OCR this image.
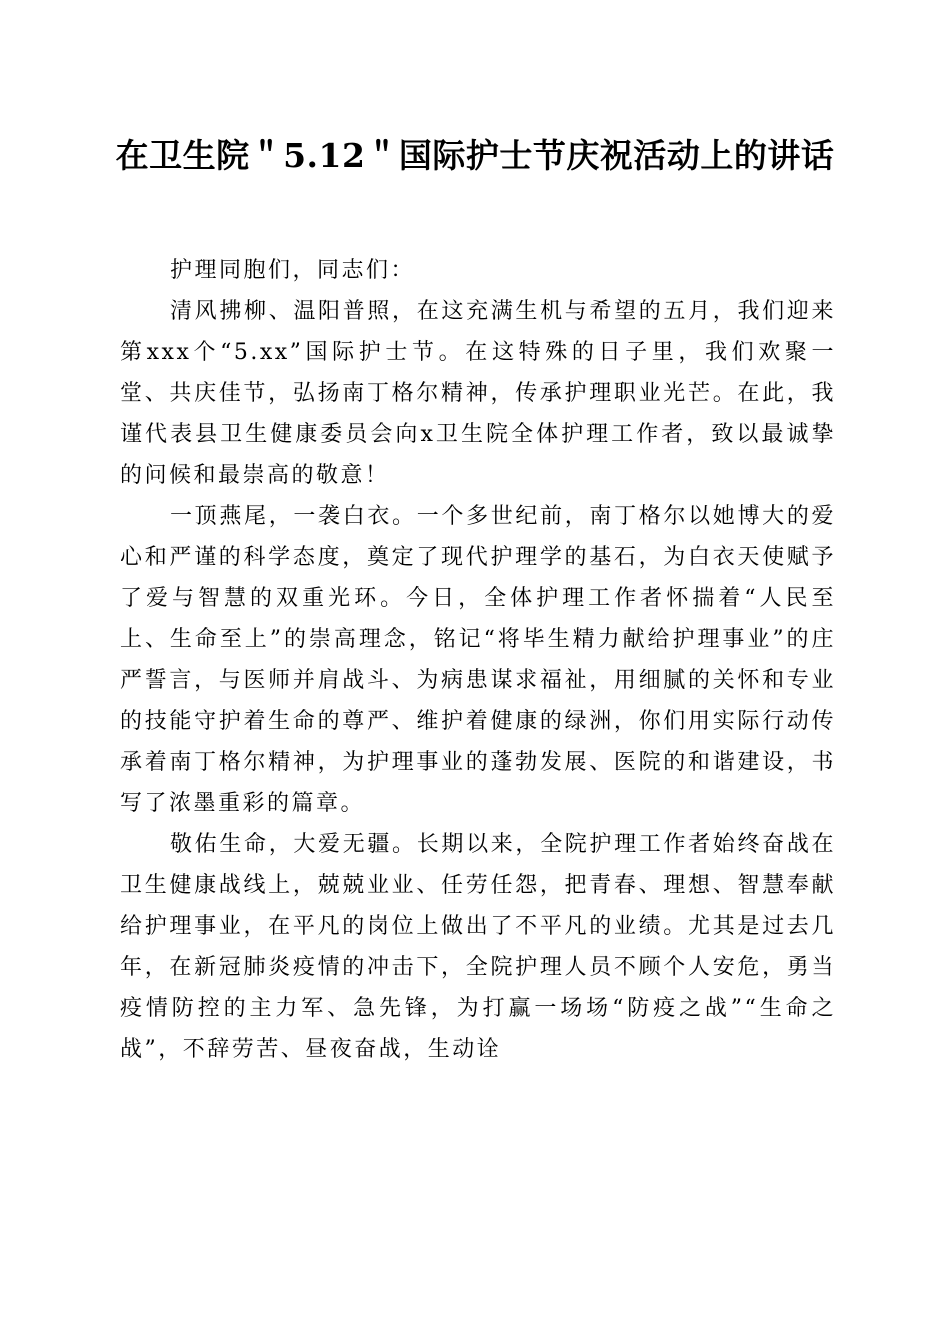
在卫生院＂5.12＂国际护士节庆祝活动上的讲话

护理同胞们，同志们：

清风拂柳、温阳普照，在这充满生机与希望的五月，我们迎来第xxx个“5.xx”国际护士节。在这特殊的日子里，我们欢聚一堂、共庆佳节，弘扬南丁格尔精神，传承护理职业光芒。在此，我谨代表县卫生健康委员会向x卫生院全体护理工作者，致以最诚挚的问候和最崇高的敬意！

一顶燕尾，一袭白衣。一个多世纪前，南丁格尔以她博大的爱心和严谨的科学态度，奠定了现代护理学的基石，为白衣天使赋予了爱与智慧的双重光环。今日，全体护理工作者怀揣着“人民至上、生命至上”的崇高理念，铭记“将毕生精力献给护理事业”的庄严誓言，与医师并肩战斗、为病患谋求福祉，用细腻的关怀和专业的技能守护着生命的尊严、维护着健康的绿洲，你们用实际行动传承着南丁格尔精神，为护理事业的蓬勃发展、医院的和谐建设，书写了浓墨重彩的篇章。

敬佑生命，大爱无疆。长期以来，全院护理工作者始终奋战在卫生健康战线上，兢兢业业、任劳任怨，把青春、理想、智慧奉献给护理事业，在平凡的岗位上做出了不平凡的业绩。尤其是过去几年，在新冠肺炎疫情的冲击下，全院护理人员不顾个人安危，勇当疫情防控的主力军、急先锋，为打赢一场场“防疫之战”“生命之战”，不辞劳苦、昼夜奋战，生动诠
